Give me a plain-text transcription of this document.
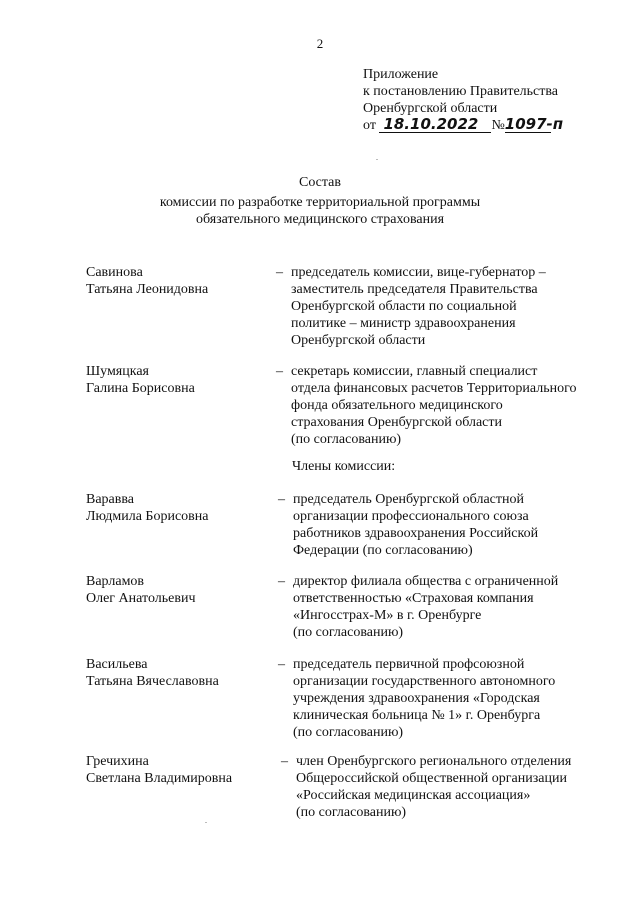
2
Приложение
к постановлению Правительства
Оренбургской области
от 18.10.2022 №1097-п
Состав
комиссии по разработке территориальной программы
обязательного медицинского страхования
Савинова
Татьяна Леонидовна
– председатель комиссии, вице-губернатор –
заместитель председателя Правительства
Оренбургской области по социальной
политике – министр здравоохранения
Оренбургской области
Шумяцкая
Галина Борисовна
– секретарь комиссии, главный специалист
отдела финансовых расчетов Территориального
фонда обязательного медицинского
страхования Оренбургской области
(по согласованию)
Члены комиссии:
Варавва
Людмила Борисовна
– председатель Оренбургской областной
организации профессионального союза
работников здравоохранения Российской
Федерации (по согласованию)
Варламов
Олег Анатольевич
– директор филиала общества с ограниченной
ответственностью «Страховая компания
«Ингосстрах-М» в г. Оренбурге
(по согласованию)
Васильева
Татьяна Вячеславовна
– председатель первичной профсоюзной
организации государственного автономного
учреждения здравоохранения «Городская
клиническая больница № 1» г. Оренбурга
(по согласованию)
Гречихина
Светлана Владимировна
– член Оренбургского регионального отделения
Общероссийской общественной организации
«Российская медицинская ассоциация»
(по согласованию)
